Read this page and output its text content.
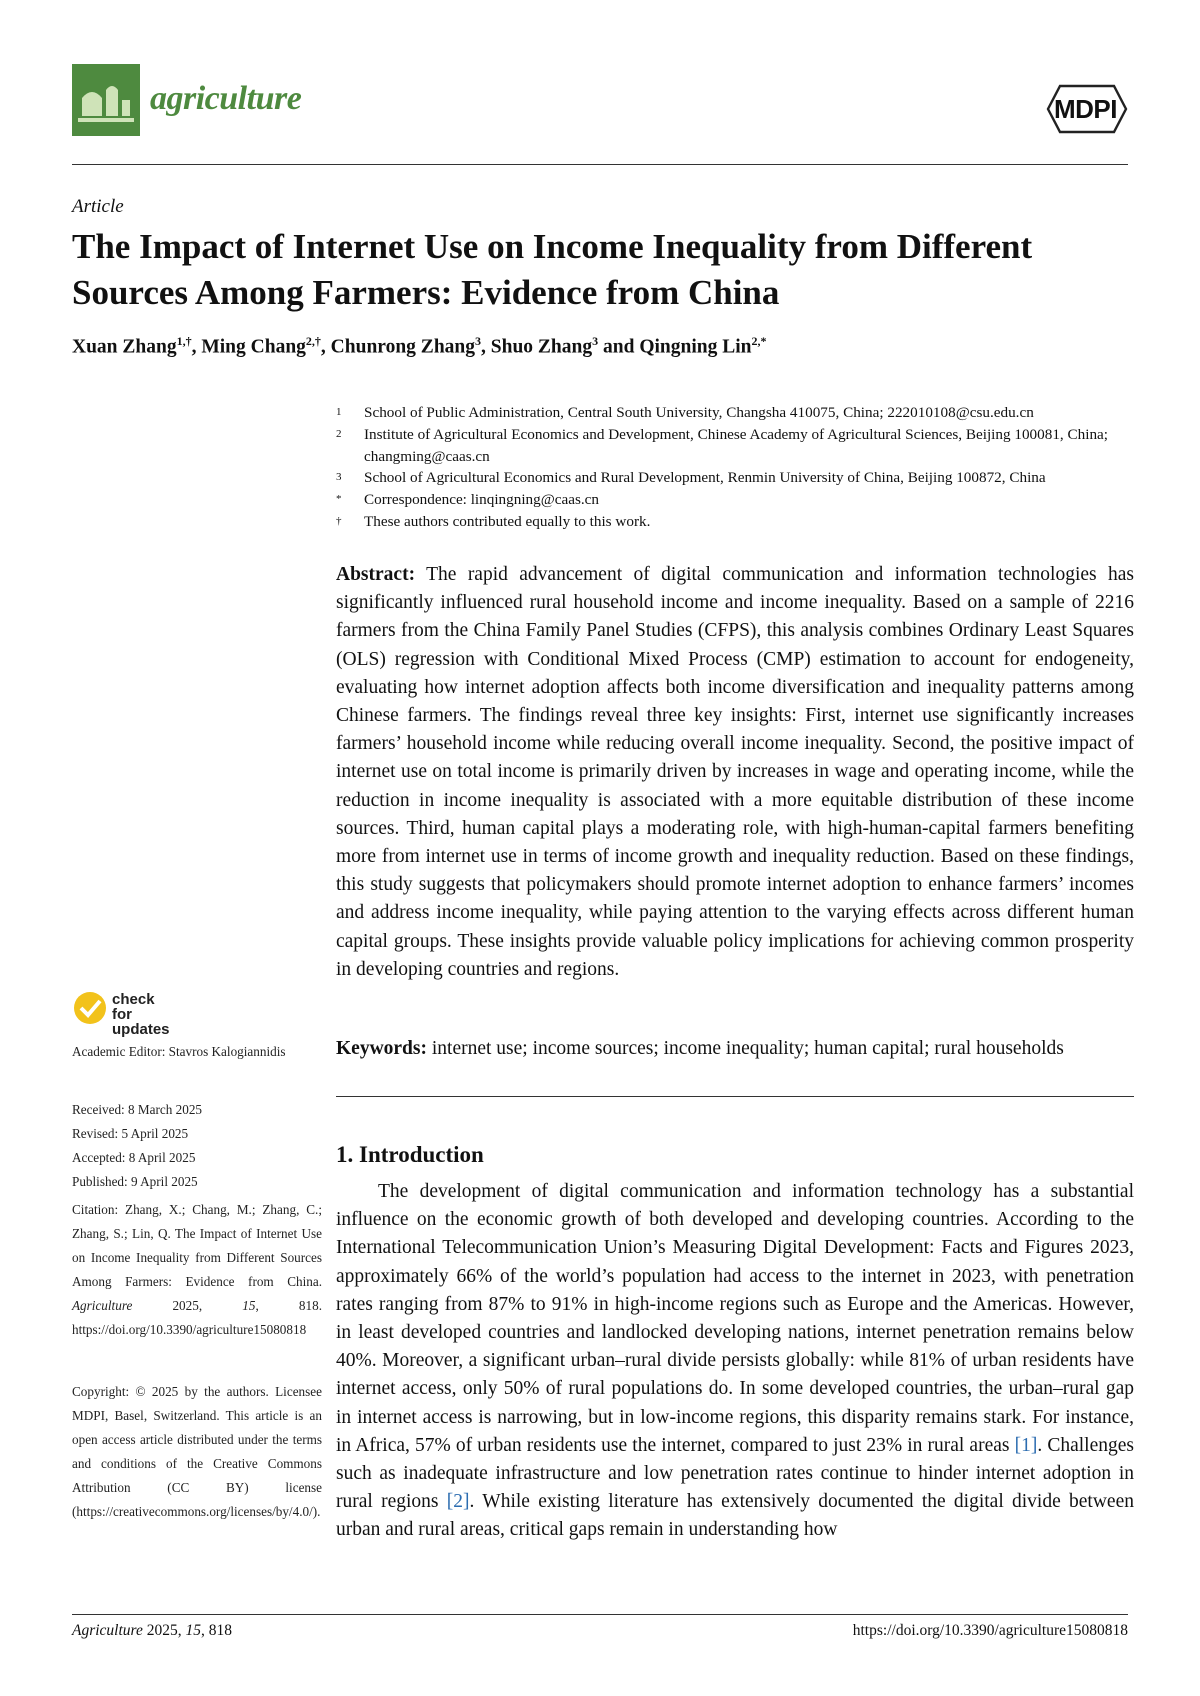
agriculture	MDPI
Article
The Impact of Internet Use on Income Inequality from Different Sources Among Farmers: Evidence from China
Xuan Zhang$^{1,\dagger}$, Ming Chang$^{2,\dagger}$, Chunrong Zhang$^3$, Shuo Zhang$^3$ and Qingning Lin$^{2,*}$
1	School of Public Administration, Central South University, Changsha 410075, China; 222010108@csu.edu.cn
2	Institute of Agricultural Economics and Development, Chinese Academy of Agricultural Sciences, Beijing 100081, China; changming@caas.cn
3	School of Agricultural Economics and Rural Development, Renmin University of China, Beijing 100872, China
*	Correspondence: linqingning@caas.cn
†	These authors contributed equally to this work.
Abstract: The rapid advancement of digital communication and information technologies has significantly influenced rural household income and income inequality. Based on a sample of 2216 farmers from the China Family Panel Studies (CFPS), this analysis combines Ordinary Least Squares (OLS) regression with Conditional Mixed Process (CMP) estimation to account for endogeneity, evaluating how internet adoption affects both income diversification and inequality patterns among Chinese farmers. The findings reveal three key insights: First, internet use significantly increases farmers’ household income while reducing overall income inequality. Second, the positive impact of internet use on total income is primarily driven by increases in wage and operating income, while the reduction in income inequality is associated with a more equitable distribution of these income sources. Third, human capital plays a moderating role, with high-human-capital farmers benefiting more from internet use in terms of income growth and inequality reduction. Based on these findings, this study suggests that policymakers should promote internet adoption to enhance farmers’ incomes and address income inequality, while paying attention to the varying effects across different human capital groups. These insights provide valuable policy implications for achieving common prosperity in developing countries and regions.
Keywords: internet use; income sources; income inequality; human capital; rural households
1. Introduction
The development of digital communication and information technology has a substantial influence on the economic growth of both developed and developing countries. According to the International Telecommunication Union’s Measuring Digital Development: Facts and Figures 2023, approximately 66% of the world’s population had access to the internet in 2023, with penetration rates ranging from 87% to 91% in high-income regions such as Europe and the Americas. However, in least developed countries and landlocked developing nations, internet penetration remains below 40%. Moreover, a significant urban–rural divide persists globally: while 81% of urban residents have internet access, only 50% of rural populations do. In some developed countries, the urban–rural gap in internet access is narrowing, but in low-income regions, this disparity remains stark. For instance, in Africa, 57% of urban residents use the internet, compared to just 23% in rural areas [1]. Challenges such as inadequate infrastructure and low penetration rates continue to hinder internet adoption in rural regions [2]. While existing literature has extensively documented the digital divide between urban and rural areas, critical gaps remain in understanding how
check for updates
Academic Editor: Stavros Kalogiannidis
Received: 8 March 2025
Revised: 5 April 2025
Accepted: 8 April 2025
Published: 9 April 2025
Citation: Zhang, X.; Chang, M.; Zhang, C.; Zhang, S.; Lin, Q. The Impact of Internet Use on Income Inequality from Different Sources Among Farmers: Evidence from China. Agriculture 2025, 15, 818. https://doi.org/10.3390/agriculture15080818
Copyright: © 2025 by the authors. Licensee MDPI, Basel, Switzerland. This article is an open access article distributed under the terms and conditions of the Creative Commons Attribution (CC BY) license (https://creativecommons.org/licenses/by/4.0/).
Agriculture 2025, 15, 818	https://doi.org/10.3390/agriculture15080818
